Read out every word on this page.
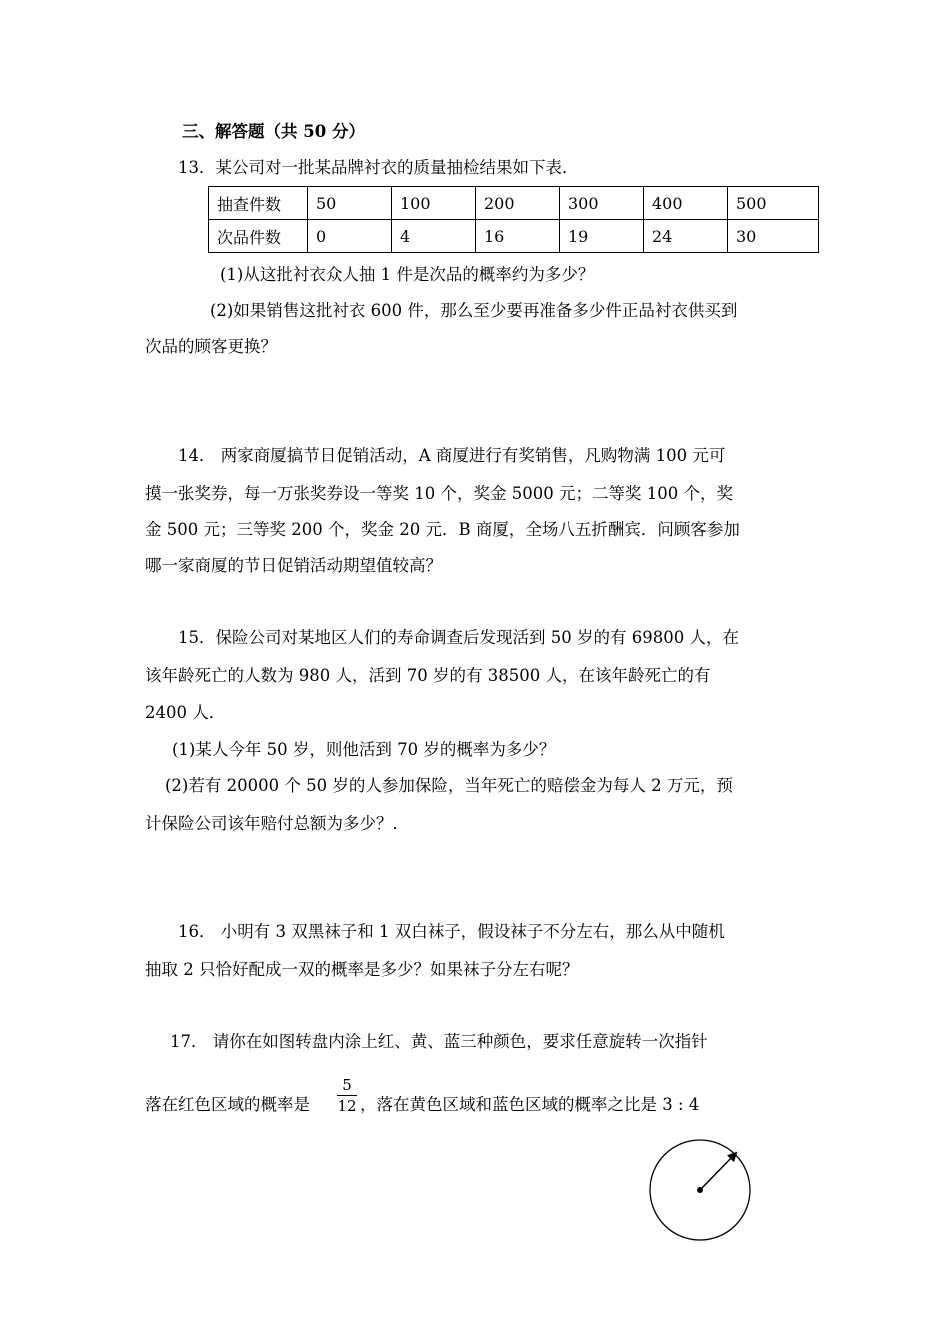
三、解答题（共 50 分）
13．某公司对一批某品牌衬衣的质量抽检结果如下表．
抽查件数	50	100	200	300	400	500
次品件数	0	4	16	19	24	30
(1)从这批衬衣众人抽 1 件是次品的概率约为多少？
(2)如果销售这批衬衣 600 件，那么至少要再准备多少件正品衬衣供买到
次品的顾客更换？
14． 两家商厦搞节日促销活动，A 商厦进行有奖销售，凡购物满 100 元可
摸一张奖券，每一万张奖券设一等奖 10 个，奖金 5000 元；二等奖 100 个，奖
金 500 元；三等奖 200 个，奖金 20 元．B 商厦，全场八五折酬宾．问顾客参加
哪一家商厦的节日促销活动期望值较高？
15．保险公司对某地区人们的寿命调查后发现活到 50 岁的有 69800 人，在
该年龄死亡的人数为 980 人，活到 70 岁的有 38500 人，在该年龄死亡的有
2400 人．
(1)某人今年 50 岁，则他活到 70 岁的概率为多少？
(2)若有 20000 个 50 岁的人参加保险，当年死亡的赔偿金为每人 2 万元，预
计保险公司该年赔付总额为多少？．
16． 小明有 3 双黑袜子和 1 双白袜子，假设袜子不分左右，那么从中随机
抽取 2 只恰好配成一双的概率是多少？如果袜子分左右呢？
17． 请你在如图转盘内涂上红、黄、蓝三种颜色，要求任意旋转一次指针
落在红色区域的概率是
5
12 ，落在黄色区域和蓝色区域的概率之比是 3 : 4
